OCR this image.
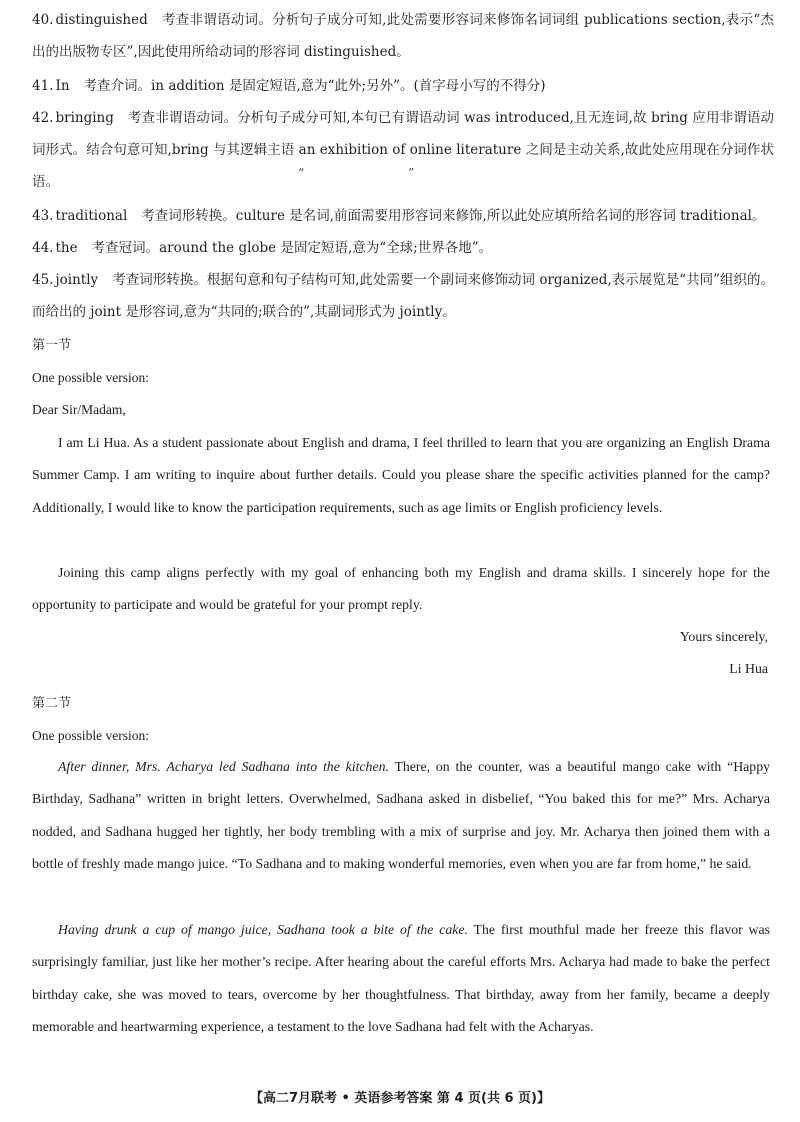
40. distinguished 考查非谓语动词。分析句子成分可知,此处需要形容词来修饰名词词组 publications section,表示“杰出的出版物专区”,因此使用所给动词的形容词 distinguished。

41. In 考查介词。in addition 是固定短语,意为“此外;另外”。(首字母小写的不得分)

42. bringing 考查非谓语动词。分析句子成分可知,本句已有谓语动词 was introduced,且无连词,故 bring 应用非谓语动词形式。结合句意可知,bring 与其逻辑主语 an exhibition of online literature 之间是主动关系,故此处应用现在分词作状语。

“	”

43. traditional 考查词形转换。culture 是名词,前面需要用形容词来修饰,所以此处应填所给名词的形容词 traditional。

44. the 考查冠词。around the globe 是固定短语,意为“全球;世界各地”。

45. jointly 考查词形转换。根据句意和句子结构可知,此处需要一个副词来修饰动词 organized,表示展览是“共同”组织的。而给出的 joint 是形容词,意为“共同的;联合的”,其副词形式为 jointly。

第一节

One possible version:

Dear Sir/Madam,

I am Li Hua. As a student passionate about English and drama, I feel thrilled to learn that you are organizing an English Drama Summer Camp. I am writing to inquire about further details. Could you please share the specific activities planned for the camp? Additionally, I would like to know the participation requirements, such as age limits or English proficiency levels.

Joining this camp aligns perfectly with my goal of enhancing both my English and drama skills. I sincerely hope for the opportunity to participate and would be grateful for your prompt reply.

Yours sincerely,

Li Hua

第二节

One possible version:

After dinner, Mrs. Acharya led Sadhana into the kitchen. There, on the counter, was a beautiful mango cake with “Happy Birthday, Sadhana” written in bright letters. Overwhelmed, Sadhana asked in disbelief, “You baked this for me?” Mrs. Acharya nodded, and Sadhana hugged her tightly, her body trembling with a mix of surprise and joy. Mr. Acharya then joined them with a bottle of freshly made mango juice. “To Sadhana and to making wonderful memories, even when you are far from home,” he said.

Having drunk a cup of mango juice, Sadhana took a bite of the cake. The first mouthful made her freeze this flavor was surprisingly familiar, just like her mother’s recipe. After hearing about the careful efforts Mrs. Acharya had made to bake the perfect birthday cake, she was moved to tears, overcome by her thoughtfulness. That birthday, away from her family, became a deeply memorable and heartwarming experience, a testament to the love Sadhana had felt with the Acharyas.

【高二7月联考 • 英语参考答案 第 4 页(共 6 页)】
